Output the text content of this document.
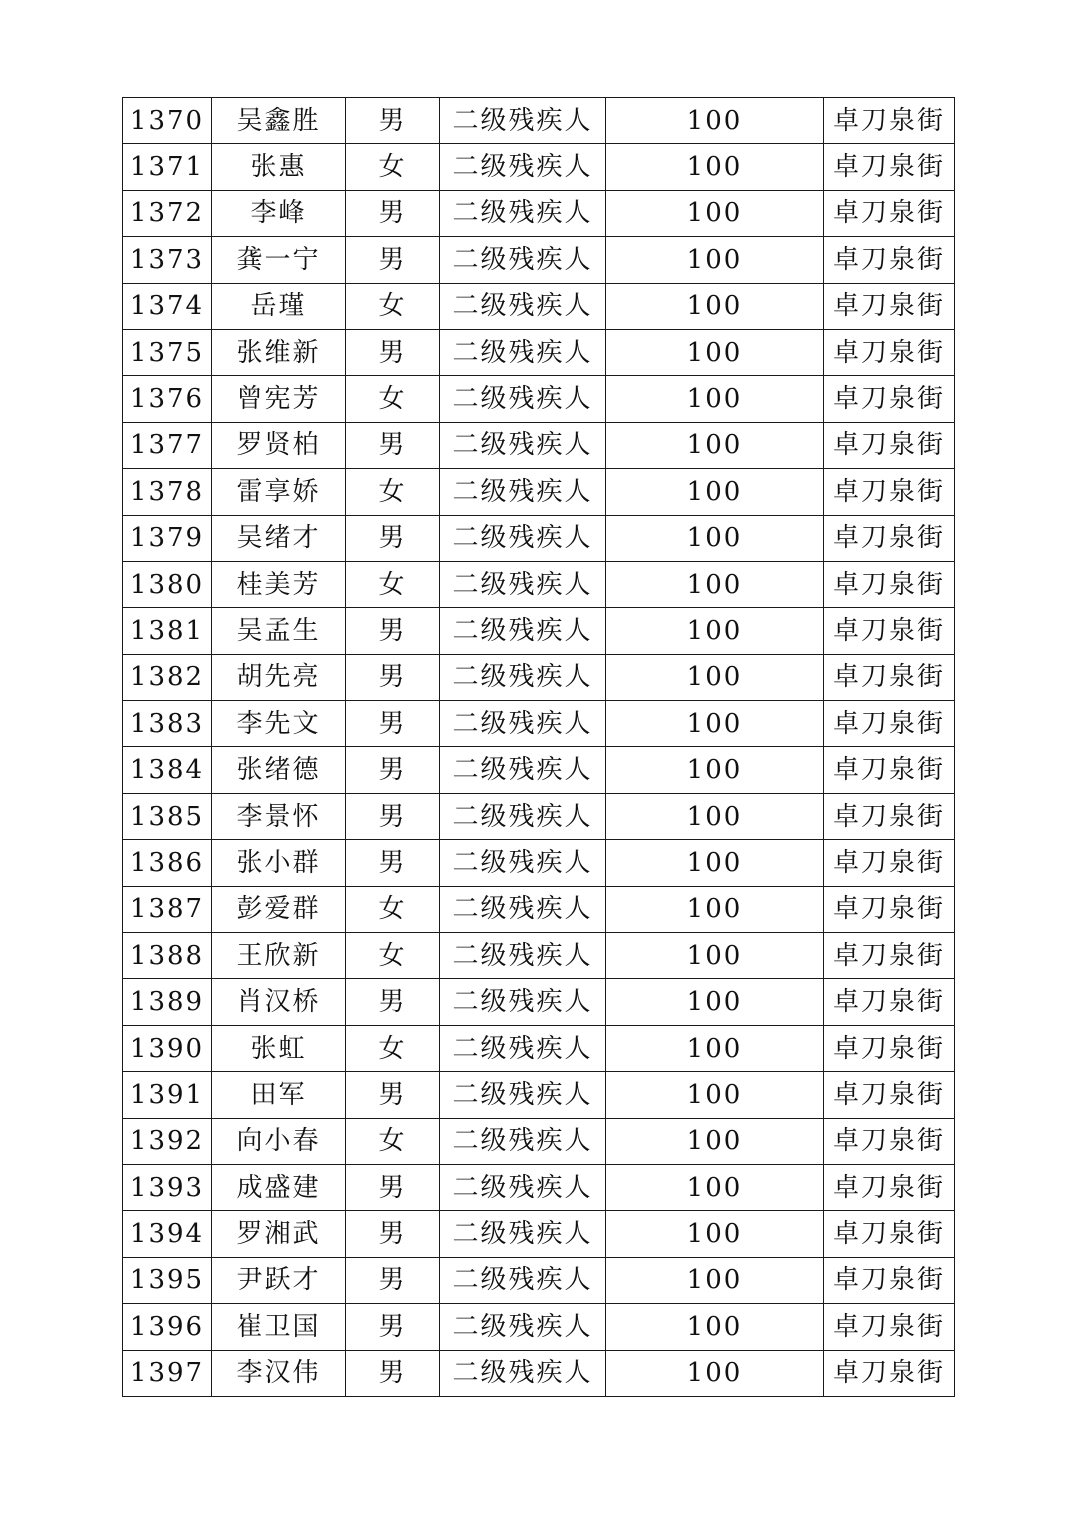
1370	吴鑫胜	男	二级残疾人	100	卓刀泉街
1371	张惠	女	二级残疾人	100	卓刀泉街
1372	李峰	男	二级残疾人	100	卓刀泉街
1373	龚一宁	男	二级残疾人	100	卓刀泉街
1374	岳瑾	女	二级残疾人	100	卓刀泉街
1375	张维新	男	二级残疾人	100	卓刀泉街
1376	曾宪芳	女	二级残疾人	100	卓刀泉街
1377	罗贤柏	男	二级残疾人	100	卓刀泉街
1378	雷享娇	女	二级残疾人	100	卓刀泉街
1379	吴绪才	男	二级残疾人	100	卓刀泉街
1380	桂美芳	女	二级残疾人	100	卓刀泉街
1381	吴孟生	男	二级残疾人	100	卓刀泉街
1382	胡先亮	男	二级残疾人	100	卓刀泉街
1383	李先文	男	二级残疾人	100	卓刀泉街
1384	张绪德	男	二级残疾人	100	卓刀泉街
1385	李景怀	男	二级残疾人	100	卓刀泉街
1386	张小群	男	二级残疾人	100	卓刀泉街
1387	彭爱群	女	二级残疾人	100	卓刀泉街
1388	王欣新	女	二级残疾人	100	卓刀泉街
1389	肖汉桥	男	二级残疾人	100	卓刀泉街
1390	张虹	女	二级残疾人	100	卓刀泉街
1391	田军	男	二级残疾人	100	卓刀泉街
1392	向小春	女	二级残疾人	100	卓刀泉街
1393	成盛建	男	二级残疾人	100	卓刀泉街
1394	罗湘武	男	二级残疾人	100	卓刀泉街
1395	尹跃才	男	二级残疾人	100	卓刀泉街
1396	崔卫国	男	二级残疾人	100	卓刀泉街
1397	李汉伟	男	二级残疾人	100	卓刀泉街
